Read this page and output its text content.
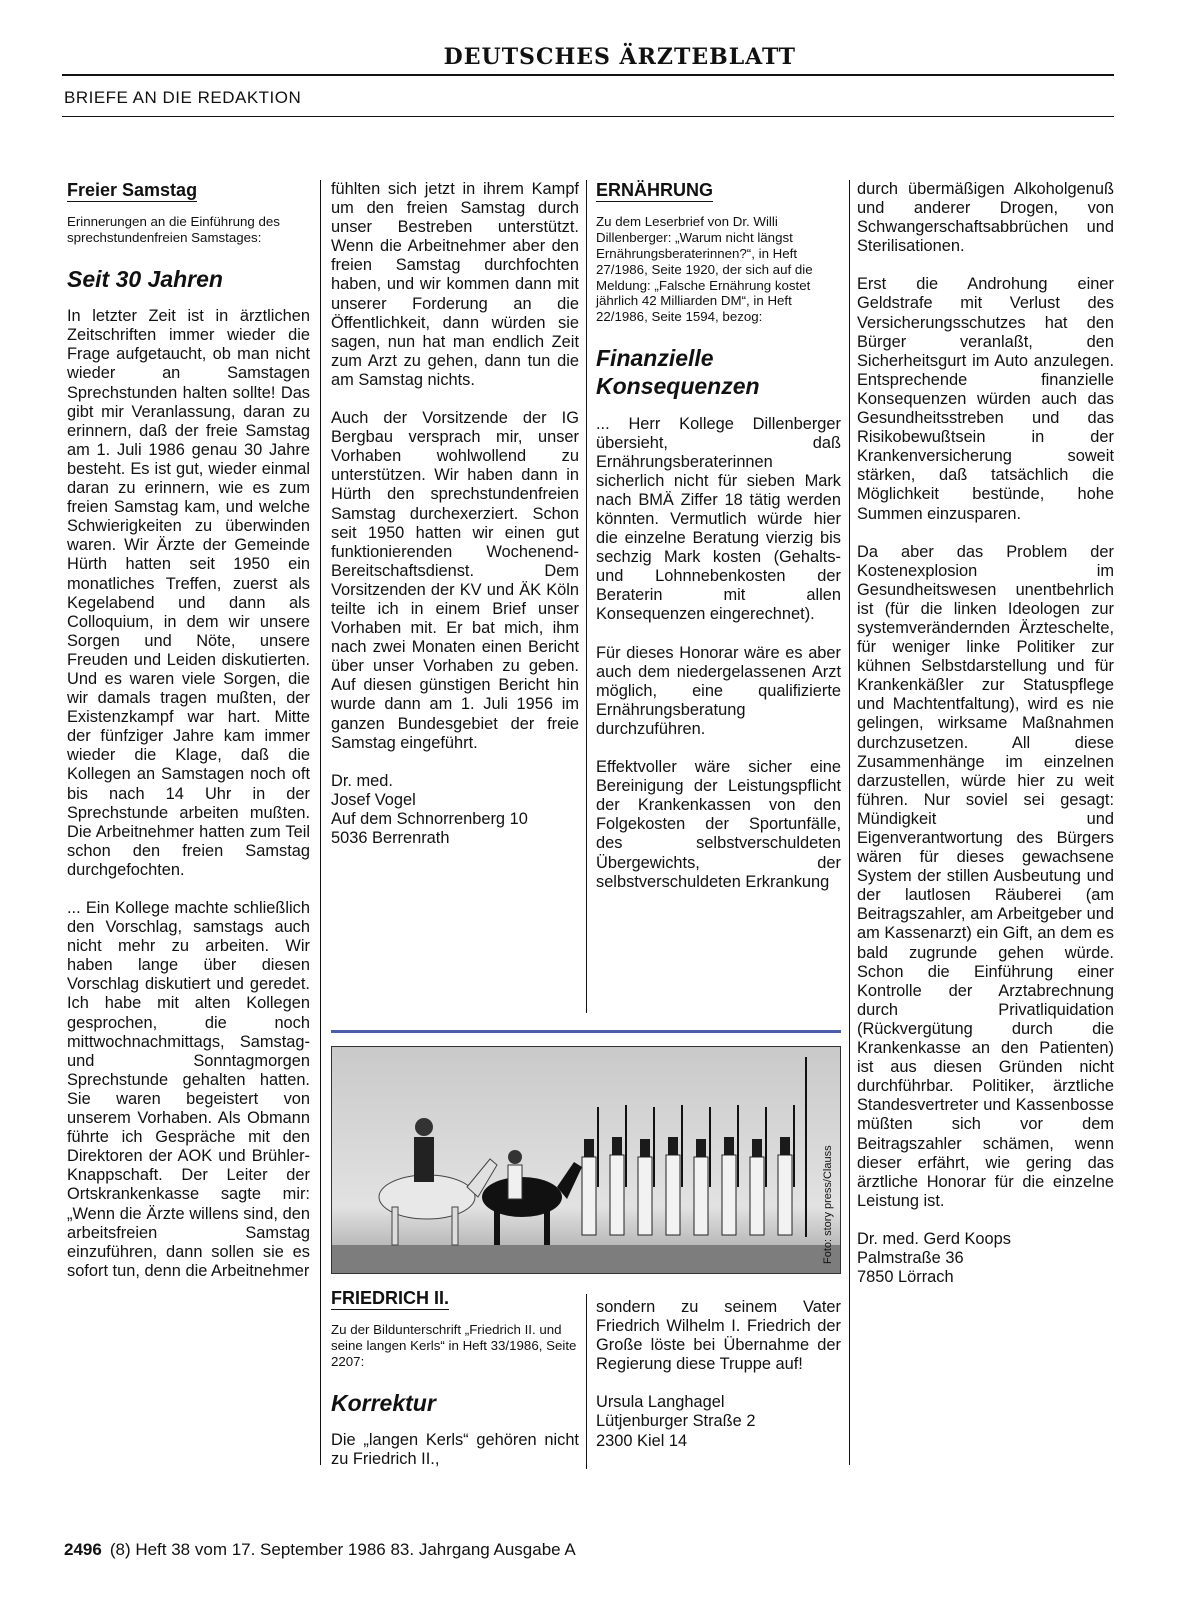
DEUTSCHES ÄRZTEBLATT

BRIEFE AN DIE REDAKTION

Freier Samstag

Erinnerungen an die Einführung des sprechstundenfreien Samstages:

Seit 30 Jahren

In letzter Zeit ist in ärztlichen Zeitschriften immer wieder die Frage aufgetaucht, ob man nicht wieder an Samstagen Sprechstunden halten sollte! Das gibt mir Veranlassung, daran zu erinnern, daß der freie Samstag am 1. Juli 1986 genau 30 Jahre besteht. Es ist gut, wieder einmal daran zu erinnern, wie es zum freien Samstag kam, und welche Schwierigkeiten zu überwinden waren. Wir Ärzte der Gemeinde Hürth hatten seit 1950 ein monatliches Treffen, zuerst als Kegelabend und dann als Colloquium, in dem wir unsere Sorgen und Nöte, unsere Freuden und Leiden diskutierten. Und es waren viele Sorgen, die wir damals tragen mußten, der Existenzkampf war hart. Mitte der fünfziger Jahre kam immer wieder die Klage, daß die Kollegen an Samstagen noch oft bis nach 14 Uhr in der Sprechstunde arbeiten mußten. Die Arbeitnehmer hatten zum Teil schon den freien Samstag durchgefochten.

... Ein Kollege machte schließlich den Vorschlag, samstags auch nicht mehr zu arbeiten. Wir haben lange über diesen Vorschlag diskutiert und geredet. Ich habe mit alten Kollegen gesprochen, die noch mittwochnachmittags, Samstag- und Sonntagmorgen Sprechstunde gehalten hatten. Sie waren begeistert von unserem Vorhaben. Als Obmann führte ich Gespräche mit den Direktoren der AOK und Brühler-Knappschaft. Der Leiter der Ortskrankenkasse sagte mir: „Wenn die Ärzte willens sind, den arbeitsfreien Samstag einzuführen, dann sollen sie es sofort tun, denn die Arbeitnehmer

fühlten sich jetzt in ihrem Kampf um den freien Samstag durch unser Bestreben unterstützt. Wenn die Arbeitnehmer aber den freien Samstag durchfochten haben, und wir kommen dann mit unserer Forderung an die Öffentlichkeit, dann würden sie sagen, nun hat man endlich Zeit zum Arzt zu gehen, dann tun die am Samstag nichts.

Auch der Vorsitzende der IG Bergbau versprach mir, unser Vorhaben wohlwollend zu unterstützen. Wir haben dann in Hürth den sprechstundenfreien Samstag durchexerziert. Schon seit 1950 hatten wir einen gut funktionierenden Wochenend-Bereitschaftsdienst. Dem Vorsitzenden der KV und ÄK Köln teilte ich in einem Brief unser Vorhaben mit. Er bat mich, ihm nach zwei Monaten einen Bericht über unser Vorhaben zu geben. Auf diesen günstigen Bericht hin wurde dann am 1. Juli 1956 im ganzen Bundesgebiet der freie Samstag eingeführt.

Dr. med.
Josef Vogel
Auf dem Schnorrenberg 10
5036 Berrenrath

ERNÄHRUNG

Zu dem Leserbrief von Dr. Willi Dillenberger: „Warum nicht längst Ernährungsberaterinnen?“, in Heft 27/1986, Seite 1920, der sich auf die Meldung: „Falsche Ernährung kostet jährlich 42 Milliarden DM“, in Heft 22/1986, Seite 1594, bezog:

Finanzielle Konsequenzen

... Herr Kollege Dillenberger übersieht, daß Ernährungsberaterinnen sicherlich nicht für sieben Mark nach BMÄ Ziffer 18 tätig werden könnten. Vermutlich würde hier die einzelne Beratung vierzig bis sechzig Mark kosten (Gehalts- und Lohnnebenkosten der Beraterin mit allen Konsequenzen eingerechnet).

Für dieses Honorar wäre es aber auch dem niedergelassenen Arzt möglich, eine qualifizierte Ernährungsberatung durchzuführen.

Effektvoller wäre sicher eine Bereinigung der Leistungspflicht der Krankenkassen von den Folgekosten der Sportunfälle, des selbstverschuldeten Übergewichts, der selbstverschuldeten Erkrankung

durch übermäßigen Alkoholgenuß und anderer Drogen, von Schwangerschaftsabbrüchen und Sterilisationen.

Erst die Androhung einer Geldstrafe mit Verlust des Versicherungsschutzes hat den Bürger veranlaßt, den Sicherheitsgurt im Auto anzulegen. Entsprechende finanzielle Konsequenzen würden auch das Gesundheitsstreben und das Risikobewußtsein in der Krankenversicherung soweit stärken, daß tatsächlich die Möglichkeit bestünde, hohe Summen einzusparen.

Da aber das Problem der Kostenexplosion im Gesundheitswesen unentbehrlich ist (für die linken Ideologen zur systemverändernden Ärzteschelte, für weniger linke Politiker zur kühnen Selbstdarstellung und für Krankenkäßler zur Statuspflege und Machtentfaltung), wird es nie gelingen, wirksame Maßnahmen durchzusetzen. All diese Zusammenhänge im einzelnen darzustellen, würde hier zu weit führen. Nur soviel sei gesagt: Mündigkeit und Eigenverantwortung des Bürgers wären für dieses gewachsene System der stillen Ausbeutung und der lautlosen Räuberei (am Beitragszahler, am Arbeitgeber und am Kassenarzt) ein Gift, an dem es bald zugrunde gehen würde. Schon die Einführung einer Kontrolle der Arztabrechnung durch Privatliquidation (Rückvergütung durch die Krankenkasse an den Patienten) ist aus diesen Gründen nicht durchführbar. Politiker, ärztliche Standesvertreter und Kassenbosse müßten sich vor dem Beitragszahler schämen, wenn dieser erfährt, wie gering das ärztliche Honorar für die einzelne Leistung ist.

Dr. med. Gerd Koops
Palmstraße 36
7850 Lörrach

Foto: story press/Clauss
FRIEDRICH II.

Zu der Bildunterschrift „Friedrich II. und seine langen Kerls“ in Heft 33/1986, Seite 2207:

Korrektur

Die „langen Kerls“ gehören nicht zu Friedrich II.,

sondern zu seinem Vater Friedrich Wilhelm I. Friedrich der Große löste bei Übernahme der Regierung diese Truppe auf!

Ursula Langhagel
Lütjenburger Straße 2
2300 Kiel 14

2496 (8) Heft 38 vom 17. September 1986 83. Jahrgang Ausgabe A
